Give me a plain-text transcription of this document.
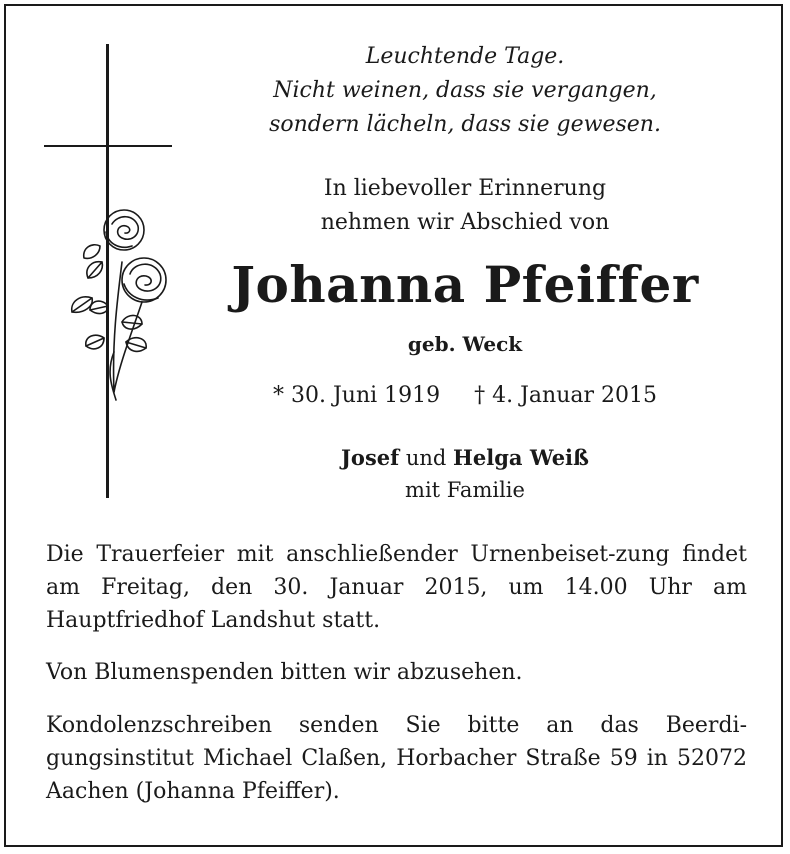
Leuchtende Tage.
Nicht weinen, dass sie vergangen,
sondern lächeln, dass sie gewesen.
In liebevoller Erinnerung
nehmen wir Abschied von
Johanna Pfeiffer
geb. Weck
* 30. Juni 1919 † 4. Januar 2015
Josef und Helga Weiß
mit Familie
Die Trauerfeier mit anschließender Urnenbeiset-zung findet am Freitag, den 30. Januar 2015, um 14.00 Uhr am Hauptfriedhof Landshut statt.
Von Blumenspenden bitten wir abzusehen.
Kondolenzschreiben senden Sie bitte an das Beerdi-gungsinstitut Michael Claßen, Horbacher Straße 59 in 52072 Aachen (Johanna Pfeiffer).
